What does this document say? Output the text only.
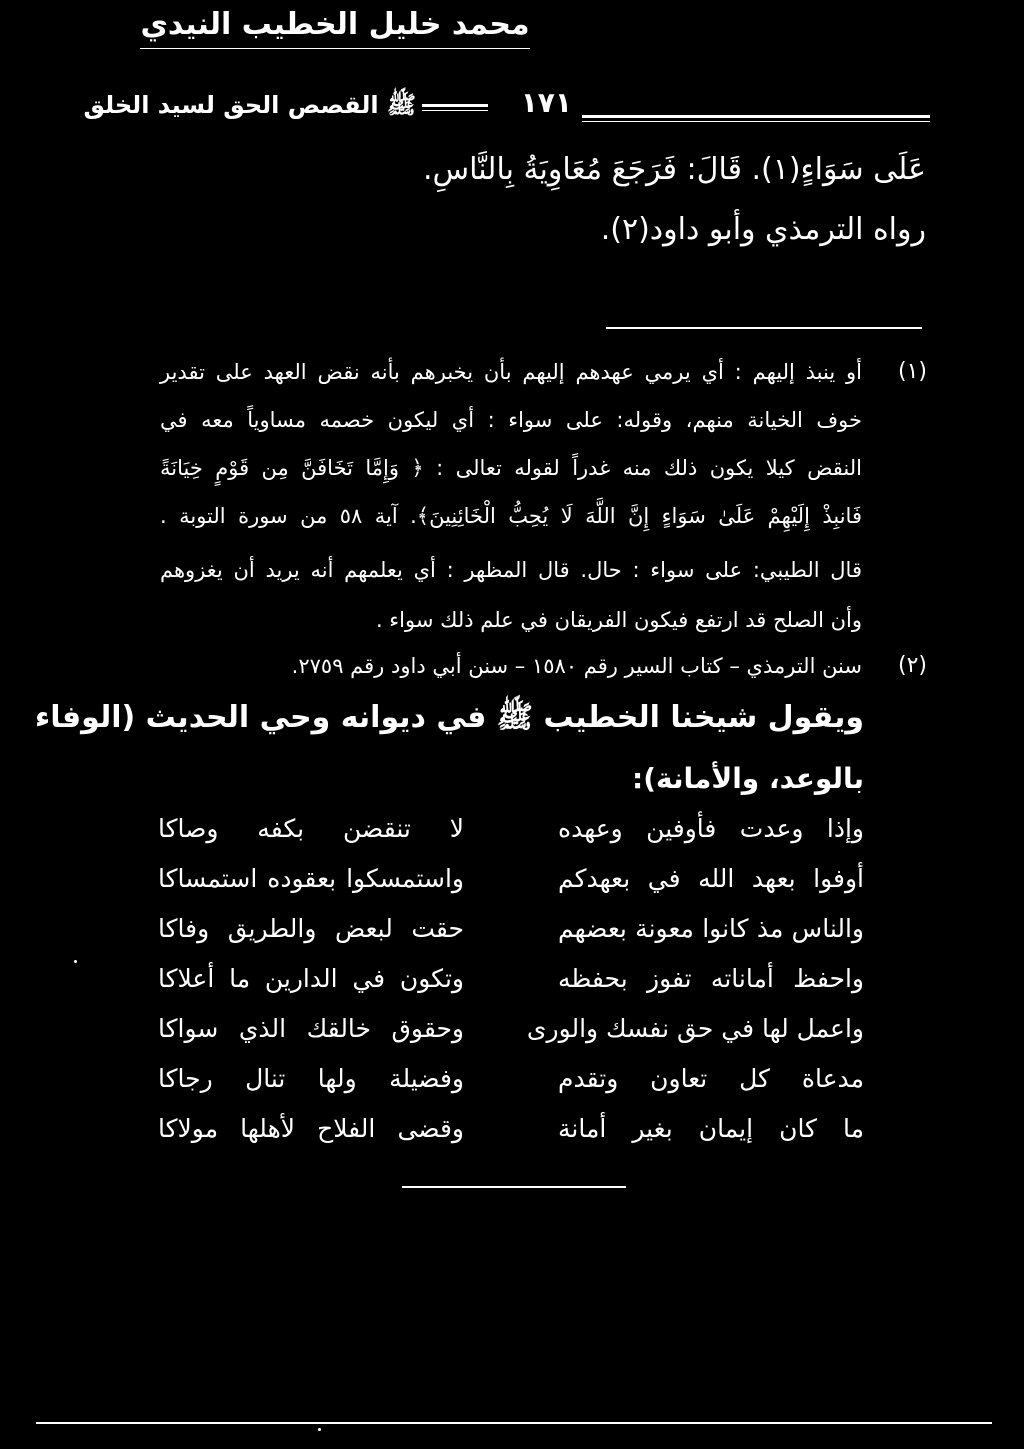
محمد خليل الخطيب النيدي
ﷺ القصص الحق لسيد الخلق	١٧١
عَلَى سَوَاءٍ(١). قَالَ: فَرَجَعَ مُعَاوِيَةُ بِالنَّاسِ.
رواه الترمذي وأبو داود(٢).
(١)
أو ينبذ إليهم : أي يرمي عهدهم إليهم بأن يخبرهم بأنه نقض العهد على تقدير
خوف الخيانة منهم، وقوله: على سواء : أي ليكون خصمه مساوياً معه في
النقض كيلا يكون ذلك منه غدراً لقوله تعالى : ﴿ وَإِمَّا تَخَافَنَّ مِن قَوْمٍ خِيَانَةً
فَانبِذْ إِلَيْهِمْ عَلَىٰ سَوَاءٍ إِنَّ اللَّهَ لَا يُحِبُّ الْخَائِنِينَ﴾. آية ٥٨ من سورة التوبة .
قال الطيبي: على سواء : حال. قال المظهر : أي يعلمهم أنه يريد أن يغزوهم
وأن الصلح قد ارتفع فيكون الفريقان في علم ذلك سواء .
(٢)
سنن الترمذي – كتاب السير رقم ١٥٨٠ – سنن أبي داود رقم ٢٧٥٩.
ويقول شيخنا الخطيب ﷺ في ديوانه وحي الحديث (الوفاء
بالوعد، والأمانة):
وإذا وعدت فأوفين وعهده
لا تنقضن بكفه وصاكا
أوفوا بعهد الله في بعهدكم
واستمسكوا بعقوده استمساكا
والناس مذ كانوا معونة بعضهم
حقت لبعض والطريق وفاكا
واحفظ أماناته تفوز بحفظه
وتكون في الدارين ما أعلاكا
واعمل لها في حق نفسك والورى
وحقوق خالقك الذي سواكا
مدعاة كل تعاون وتقدم
وفضيلة ولها تنال رجاكا
ما كان إيمان بغير أمانة
وقضى الفلاح لأهلها مولاكا
